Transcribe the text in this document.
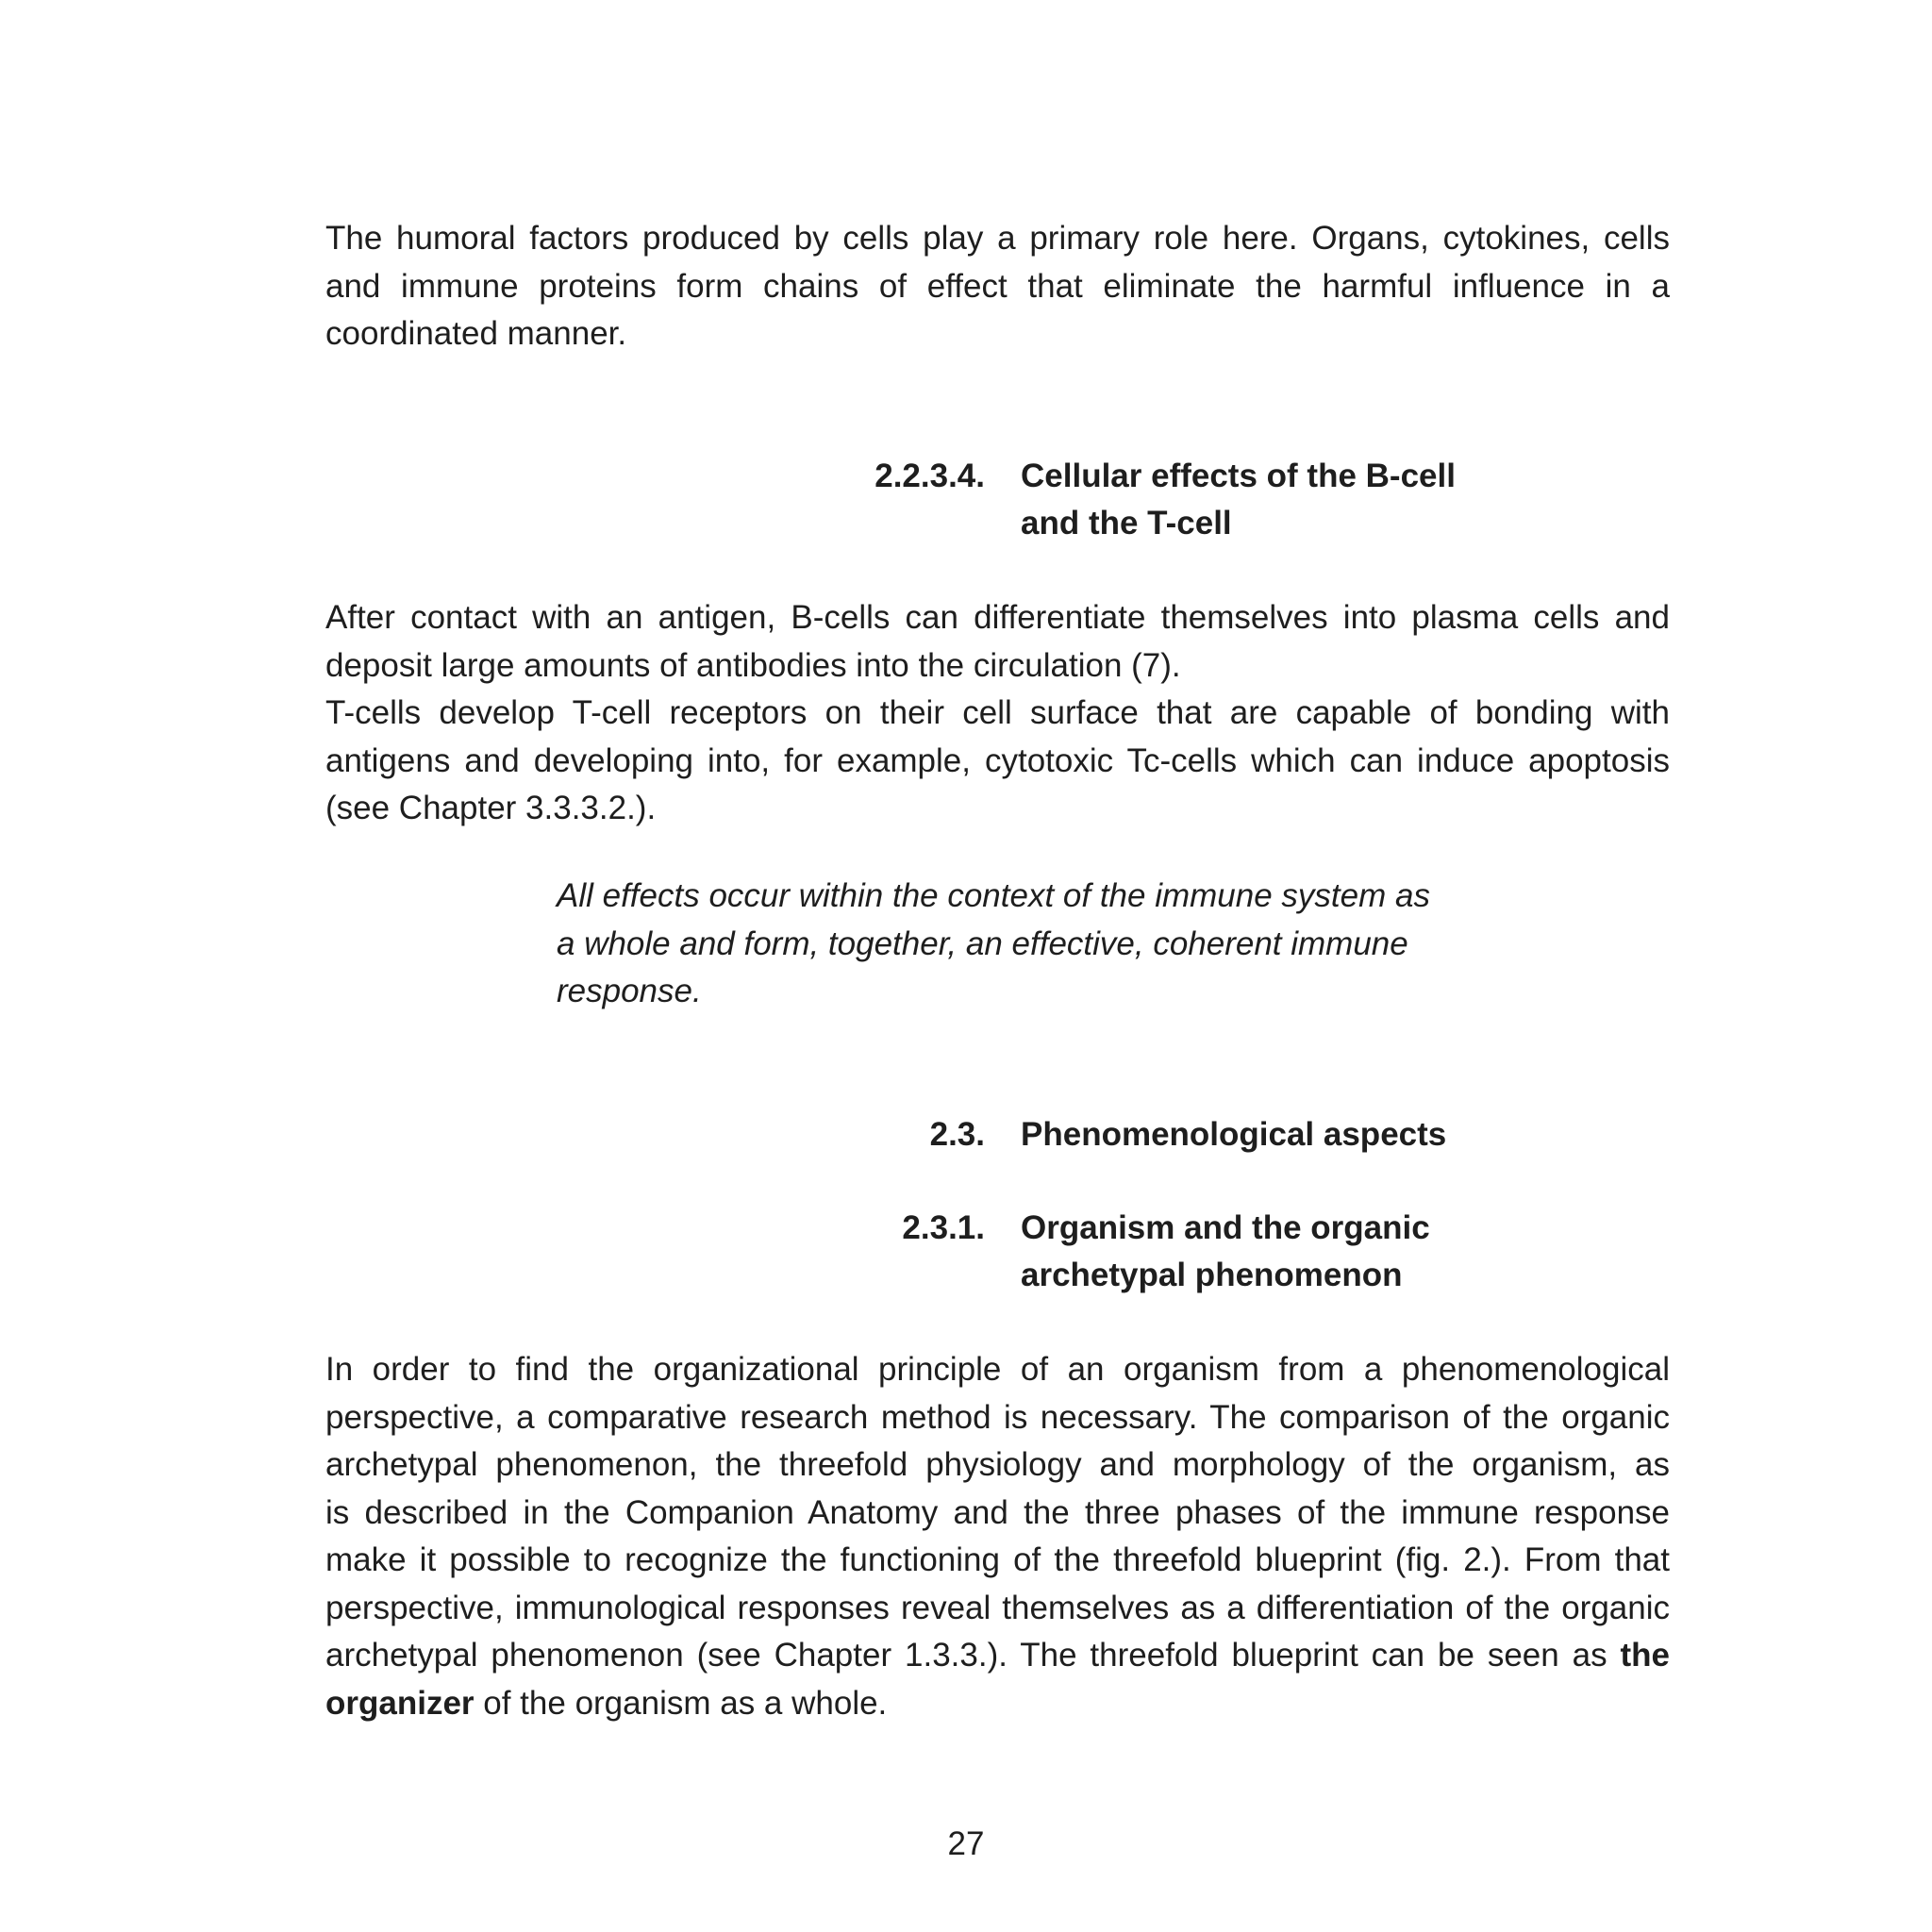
The humoral factors produced by cells play a primary role here. Organs, cytokines, cells
and immune proteins form chains of effect that eliminate the harmful influence in a
coordinated manner.

2.2.3.4. Cellular effects of the B-cell
and the T-cell

After contact with an antigen, B-cells can differentiate themselves into plasma cells and
deposit large amounts of antibodies into the circulation (7).

T-cells develop T-cell receptors on their cell surface that are capable of bonding with
antigens and developing into, for example, cytotoxic Tc-cells which can induce apoptosis
(see Chapter 3.3.3.2.).

All effects occur within the context of the immune system as
a whole and form, together, an effective, coherent immune
response.

2.3. Phenomenological aspects
2.3.1. Organism and the organic
archetypal phenomenon

In order to find the organizational principle of an organism from a phenomenological
perspective, a comparative research method is necessary. The comparison of the organic
archetypal phenomenon, the threefold physiology and morphology of the organism, as
is described in the Companion Anatomy and the three phases of the immune response
make it possible to recognize the functioning of the threefold blueprint (fig. 2.). From that
perspective, immunological responses reveal themselves as a differentiation of the organic
archetypal phenomenon (see Chapter 1.3.3.). The threefold blueprint can be seen as the
organizer of the organism as a whole.

27
